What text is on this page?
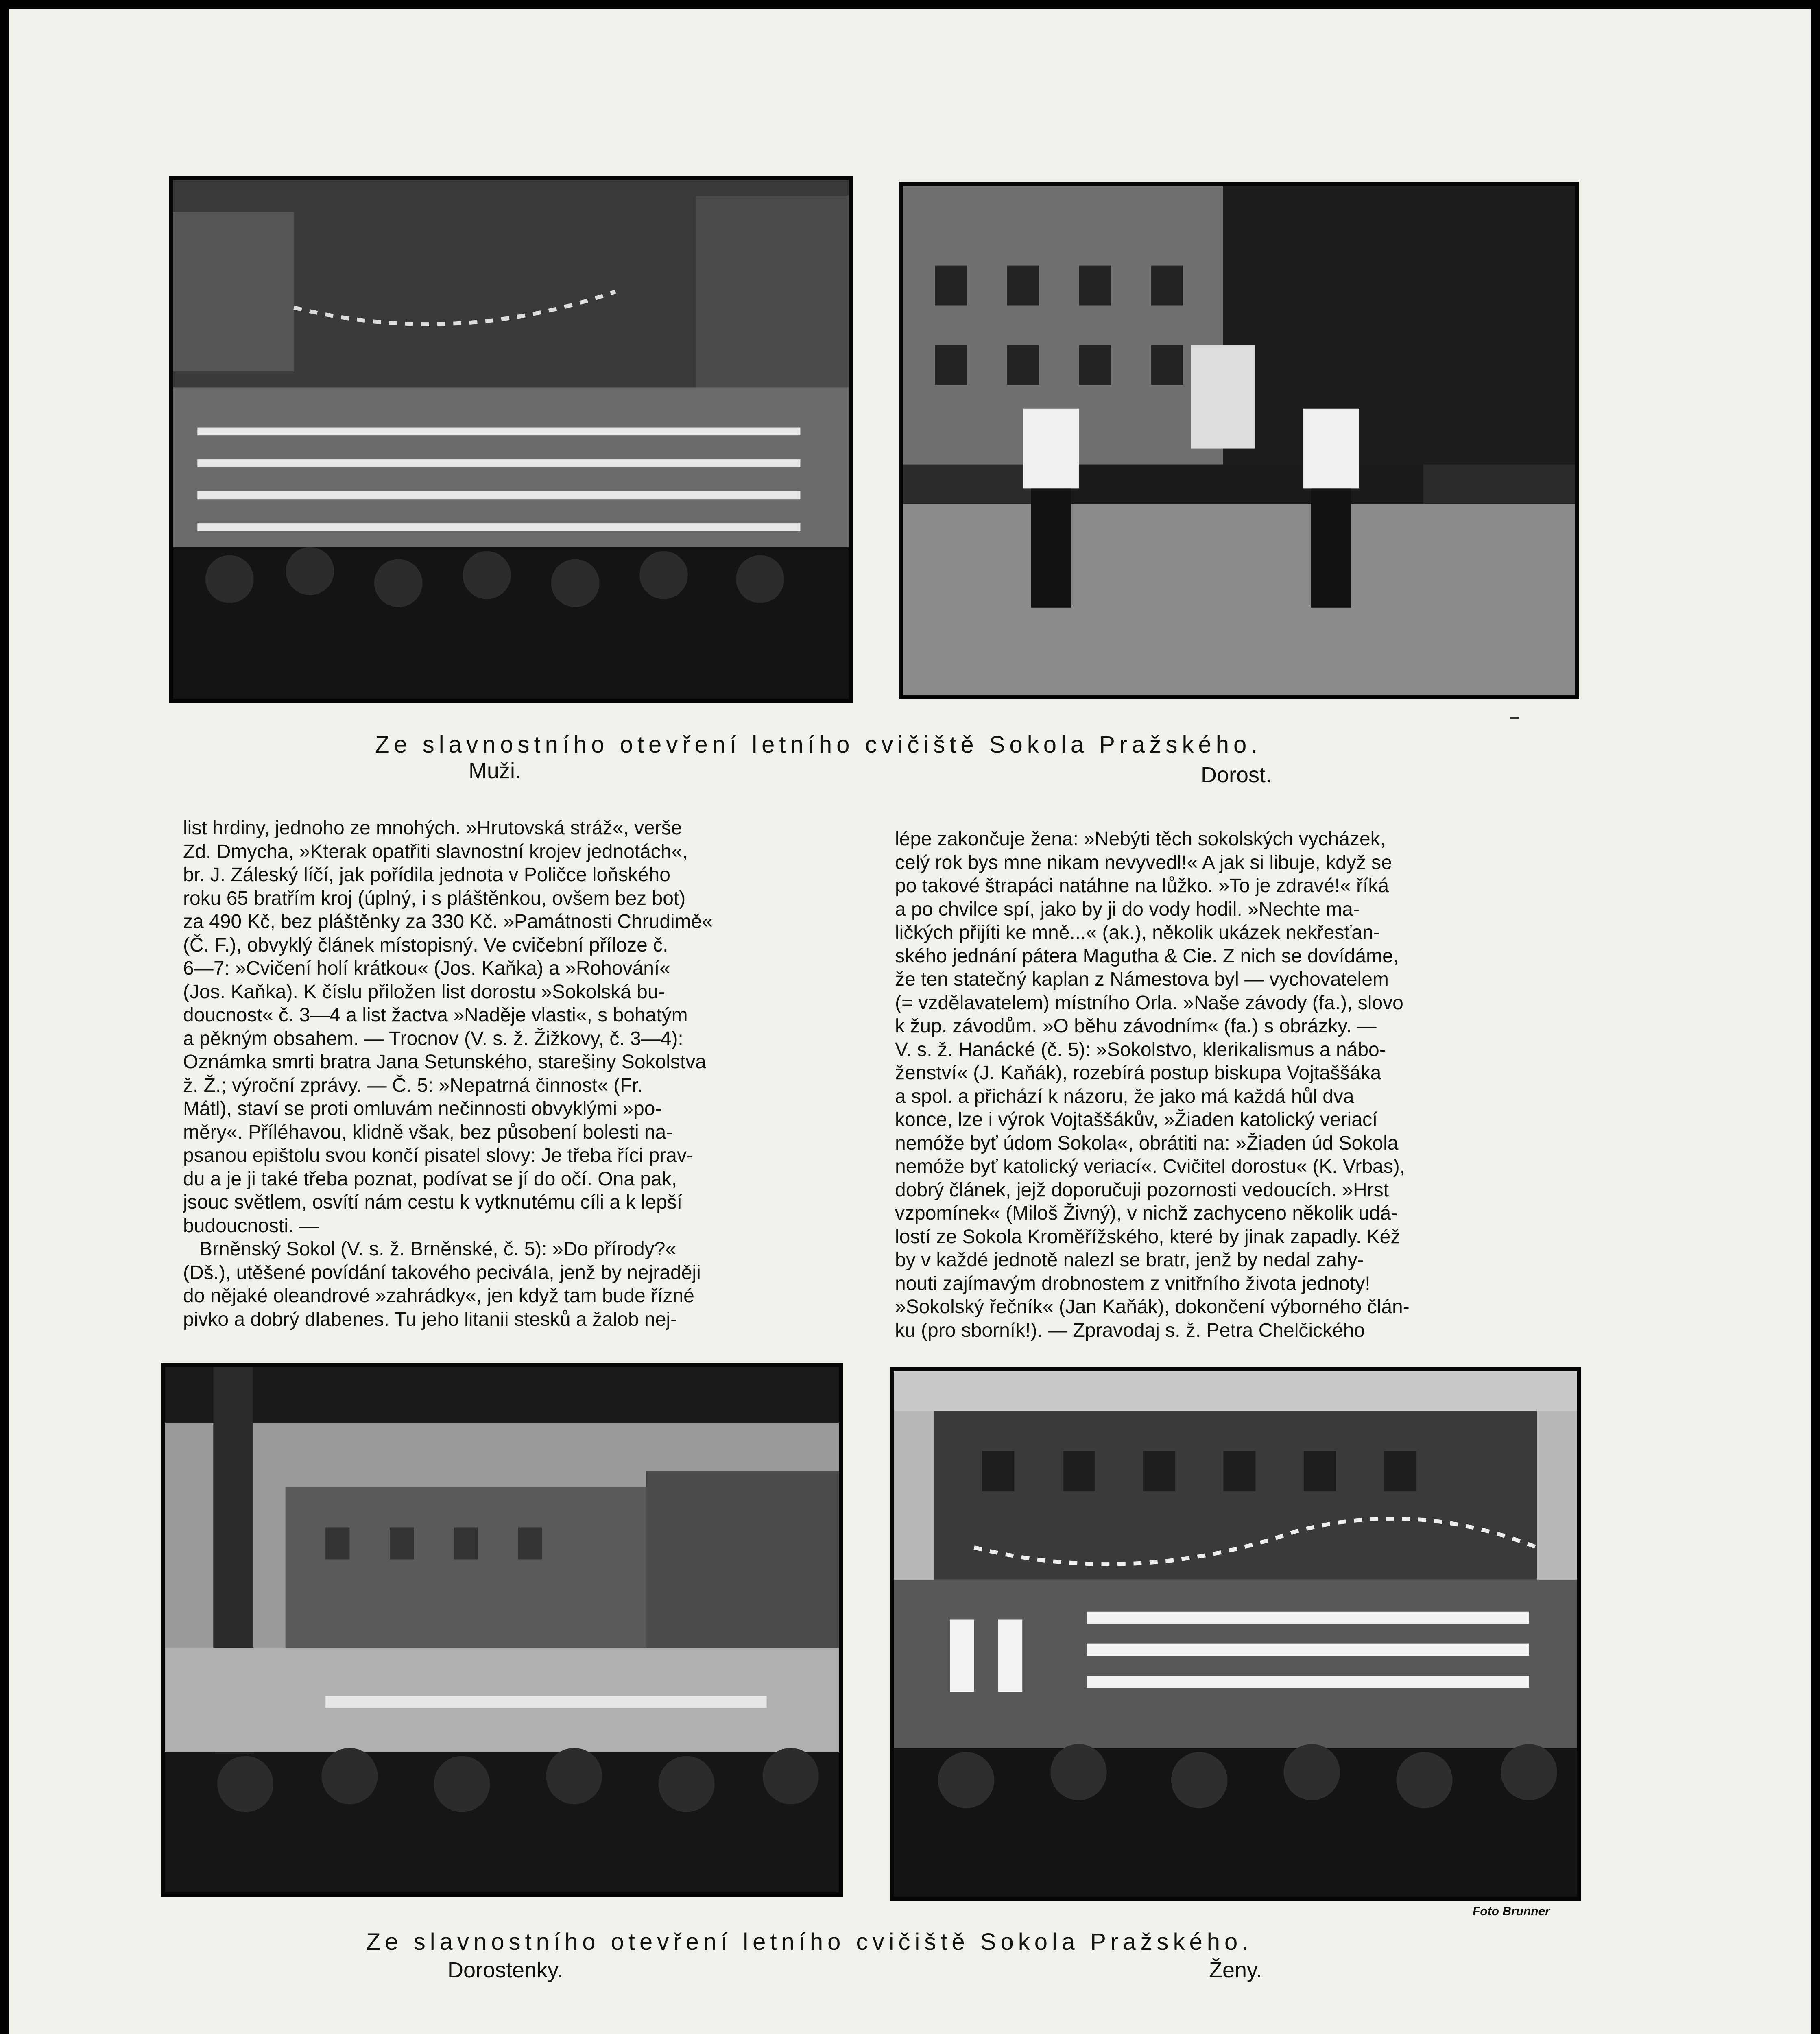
Ze slavnostního otevření letního cvičiště Sokola Pražského.
Muži.	Dorost.

list hrdiny, jednoho ze mnohých. »Hrutovská stráž«, verše

Zd. Dmycha, »Kterak opatřiti slavnostní krojev jednotách«,

br. J. Záleský líčí, jak pořídila jednota v Poličce loňského

roku 65 bratřím kroj (úplný, i s pláštěnkou, ovšem bez bot)

za 490 Kč, bez pláštěnky za 330 Kč. »Památnosti Chrudimě«

(Č. F.), obvyklý článek místopisný. Ve cvičební příloze č.

6—7: »Cvičení holí krátkou« (Jos. Kaňka) a »Rohování«

(Jos. Kaňka). K číslu přiložen list dorostu »Sokolská bu-

doucnost« č. 3—4 a list žactva »Naděje vlasti«, s bohatým

a pěkným obsahem. — Trocnov (V. s. ž. Žižkovy, č. 3—4):

Oznámka smrti bratra Jana Setunského, starešiny Sokolstva

ž. Ž.; výroční zprávy. — Č. 5: »Nepatrná činnost« (Fr.

Mátl), staví se proti omluvám nečinnosti obvyklými »po-

měry«. Příléhavou, klidně však, bez působení bolesti na-

psanou epištolu svou končí pisatel slovy: Je třeba říci prav-

du a je ji také třeba poznat, podívat se jí do očí. Ona pak,

jsouc světlem, osvítí nám cestu k vytknutému cíli a k lepší

budoucnosti. —

Brněnský Sokol (V. s. ž. Brněnské, č. 5): »Do přírody?«

(Dš.), utěšené povídání takového peciváIa, jenž by nejraději

do nějaké oleandrové »zahrádky«, jen když tam bude řízné

pivko a dobrý dlabenes. Tu jeho litanii stesků a žalob nej-

lépe zakončuje žena: »Nebýti těch sokolských vycházek,

celý rok bys mne nikam nevyvedl!« A jak si libuje, když se

po takové štrapáci natáhne na lůžko. »To je zdravé!« říká

a po chvilce spí, jako by ji do vody hodil. »Nechte ma-

ličkých přijíti ke mně...« (ak.), několik ukázek nekřesťan-

ského jednání pátera Magutha & Cie. Z nich se dovídáme,

že ten statečný kaplan z Námestova byl — vychovatelem

(= vzdělavatelem) místního Orla. »Naše závody (fa.), slovo

k žup. závodům. »O běhu závodním« (fa.) s obrázky. —

V. s. ž. Hanácké (č. 5): »Sokolstvo, klerikalismus a nábo-

ženství« (J. Kaňák), rozebírá postup biskupa Vojtaššáka

a spol. a přichází k názoru, že jako má každá hůl dva

konce, lze i výrok Vojtaššákův, »Žiaden katolický veriací

nemóže byť údom Sokola«, obrátiti na: »Žiaden úd Sokola

nemóže byť katolický veriací«. Cvičitel dorostu« (K. Vrbas),

dobrý článek, jejž doporučuji pozornosti vedoucích. »Hrst

vzpomínek« (Miloš Živný), v nichž zachyceno několik udá-

lostí ze Sokola Kroměřížského, které by jinak zapadly. Kéž

by v každé jednotě nalezl se bratr, jenž by nedal zahy-

nouti zajímavým drobnostem z vnitřního života jednoty!

»Sokolský řečník« (Jan Kaňák), dokončení výborného člán-

ku (pro sborník!). — Zpravodaj s. ž. Petra Chelčického

Foto Brunner
Ze slavnostního otevření letního cvičiště Sokola Pražského.
Dorostenky.	Ženy.
